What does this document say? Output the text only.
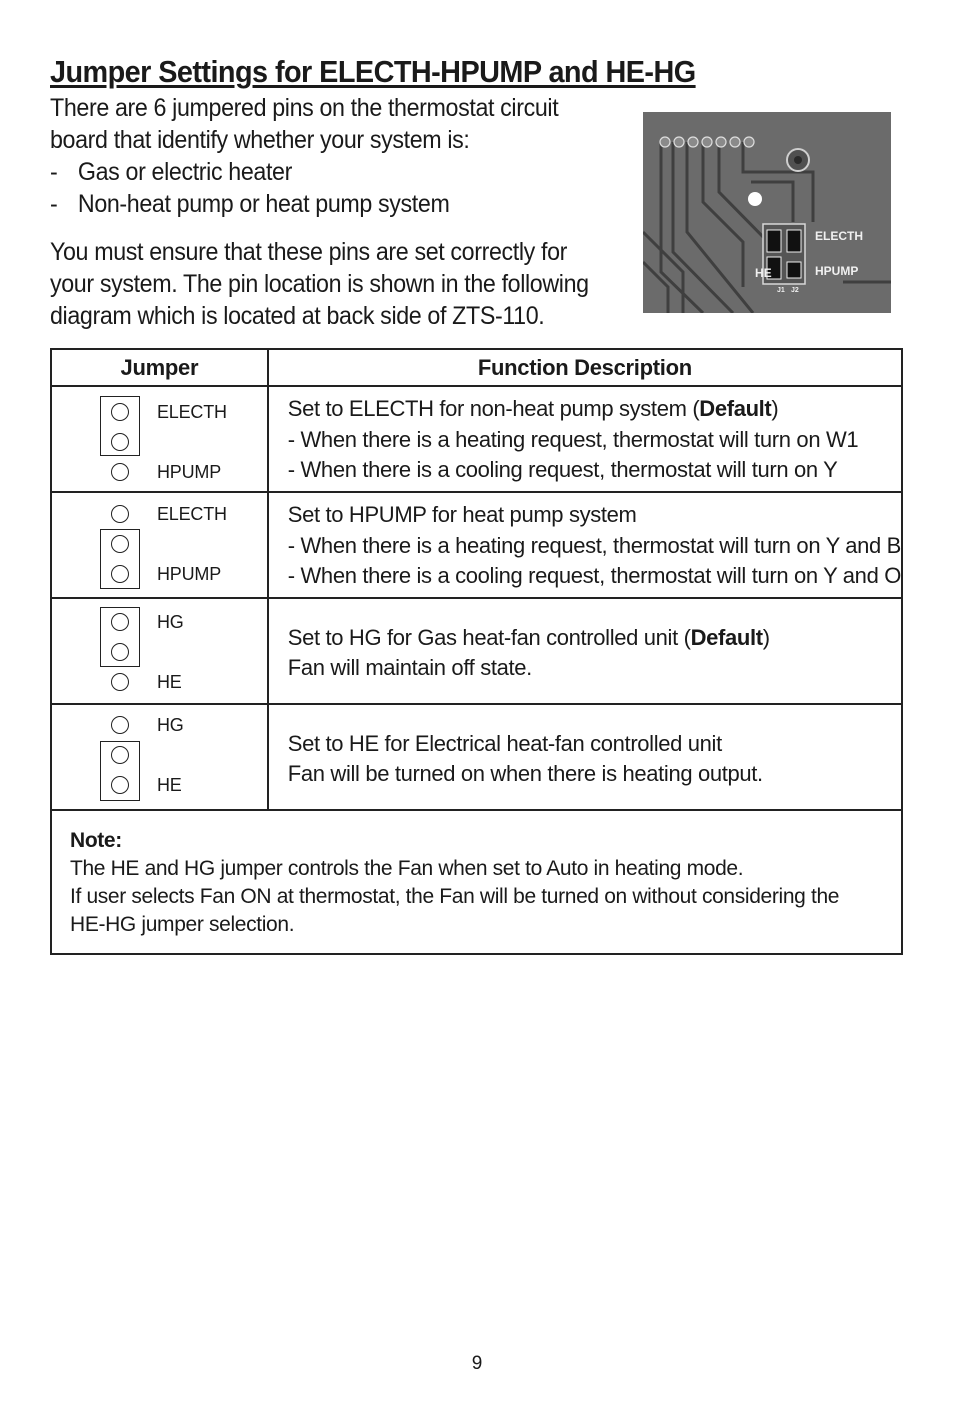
Jumper Settings for ELECTH-HPUMP and HE-HG

There are 6 jumpered pins on the thermostat circuit

board that identify whether your system is:

- Gas or electric heater
- Non-heat pump or heat pump system

You must ensure that these pins are set correctly for

your system. The pin location is shown in the following

diagram which is located at back side of ZTS-110.

ELECTH
HPUMP
HE
J1 J2
Jumper	Function Description

ELECTH
HPUMP	Set to ELECTH for non-heat pump system (Default)
- When there is a heating request, thermostat will turn on W1
- When there is a cooling request, thermostat will turn on Y

ELECTH
HPUMP	Set to HPUMP for heat pump system
- When there is a heating request, thermostat will turn on Y and B
- When there is a cooling request, thermostat will turn on Y and O

HG
HE	Set to HG for Gas heat-fan controlled unit (Default)
Fan will maintain off state.

HG
HE	Set to HE for Electrical heat-fan controlled unit
Fan will be turned on when there is heating output.

Note:
The HE and HG jumper controls the Fan when set to Auto in heating mode.
If user selects Fan ON at thermostat, the Fan will be turned on without considering the
HE-HG jumper selection.	
9
